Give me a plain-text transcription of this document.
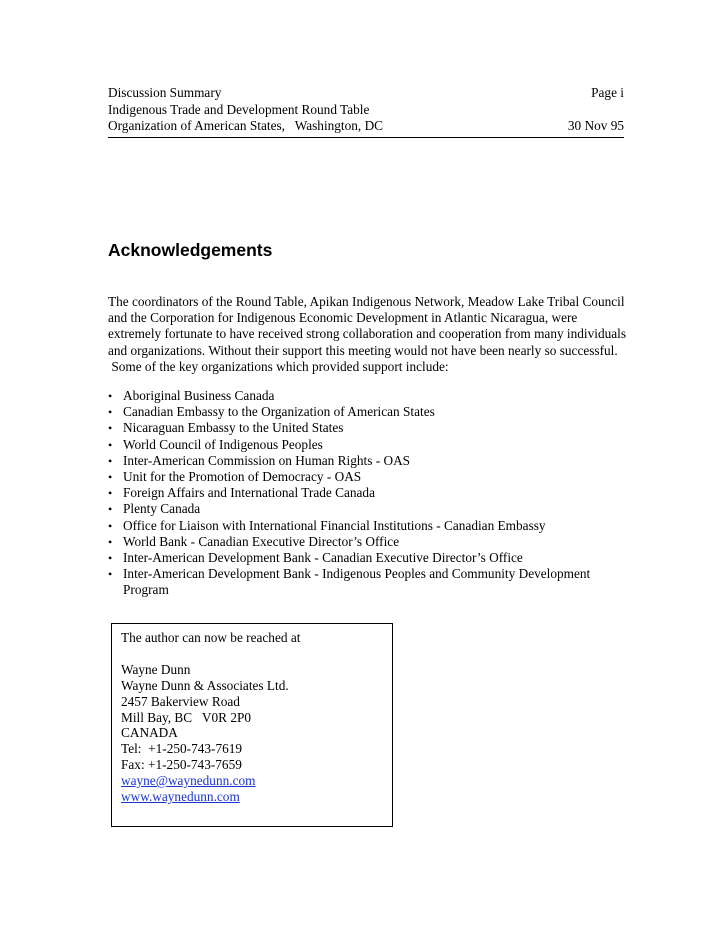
Discussion Summary	Page i
Indigenous Trade and Development Round Table
Organization of American States,   Washington, DC	30 Nov 95
Acknowledgements

The coordinators of the Round Table, Apikan Indigenous Network, Meadow Lake Tribal Council

and the Corporation for Indigenous Economic Development in Atlantic Nicaragua, were

extremely fortunate to have received strong collaboration and cooperation from many individuals

and organizations. Without their support this meeting would not have been nearly so successful.

Some of the key organizations which provided support include:

• Aboriginal Business Canada
• Canadian Embassy to the Organization of American States
• Nicaraguan Embassy to the United States
• World Council of Indigenous Peoples
• Inter-American Commission on Human Rights - OAS
• Unit for the Promotion of Democracy - OAS
• Foreign Affairs and International Trade Canada
• Plenty Canada
• Office for Liaison with International Financial Institutions - Canadian Embassy
• World Bank - Canadian Executive Director’s Office
• Inter-American Development Bank - Canadian Executive Director’s Office
• Inter-American Development Bank - Indigenous Peoples and Community Development Program
The author can now be reached at
Wayne Dunn
Wayne Dunn & Associates Ltd.
2457 Bakerview Road
Mill Bay, BC   V0R 2P0
CANADA
Tel:  +1-250-743-7619
Fax: +1-250-743-7659
wayne@waynedunn.com
www.waynedunn.com
